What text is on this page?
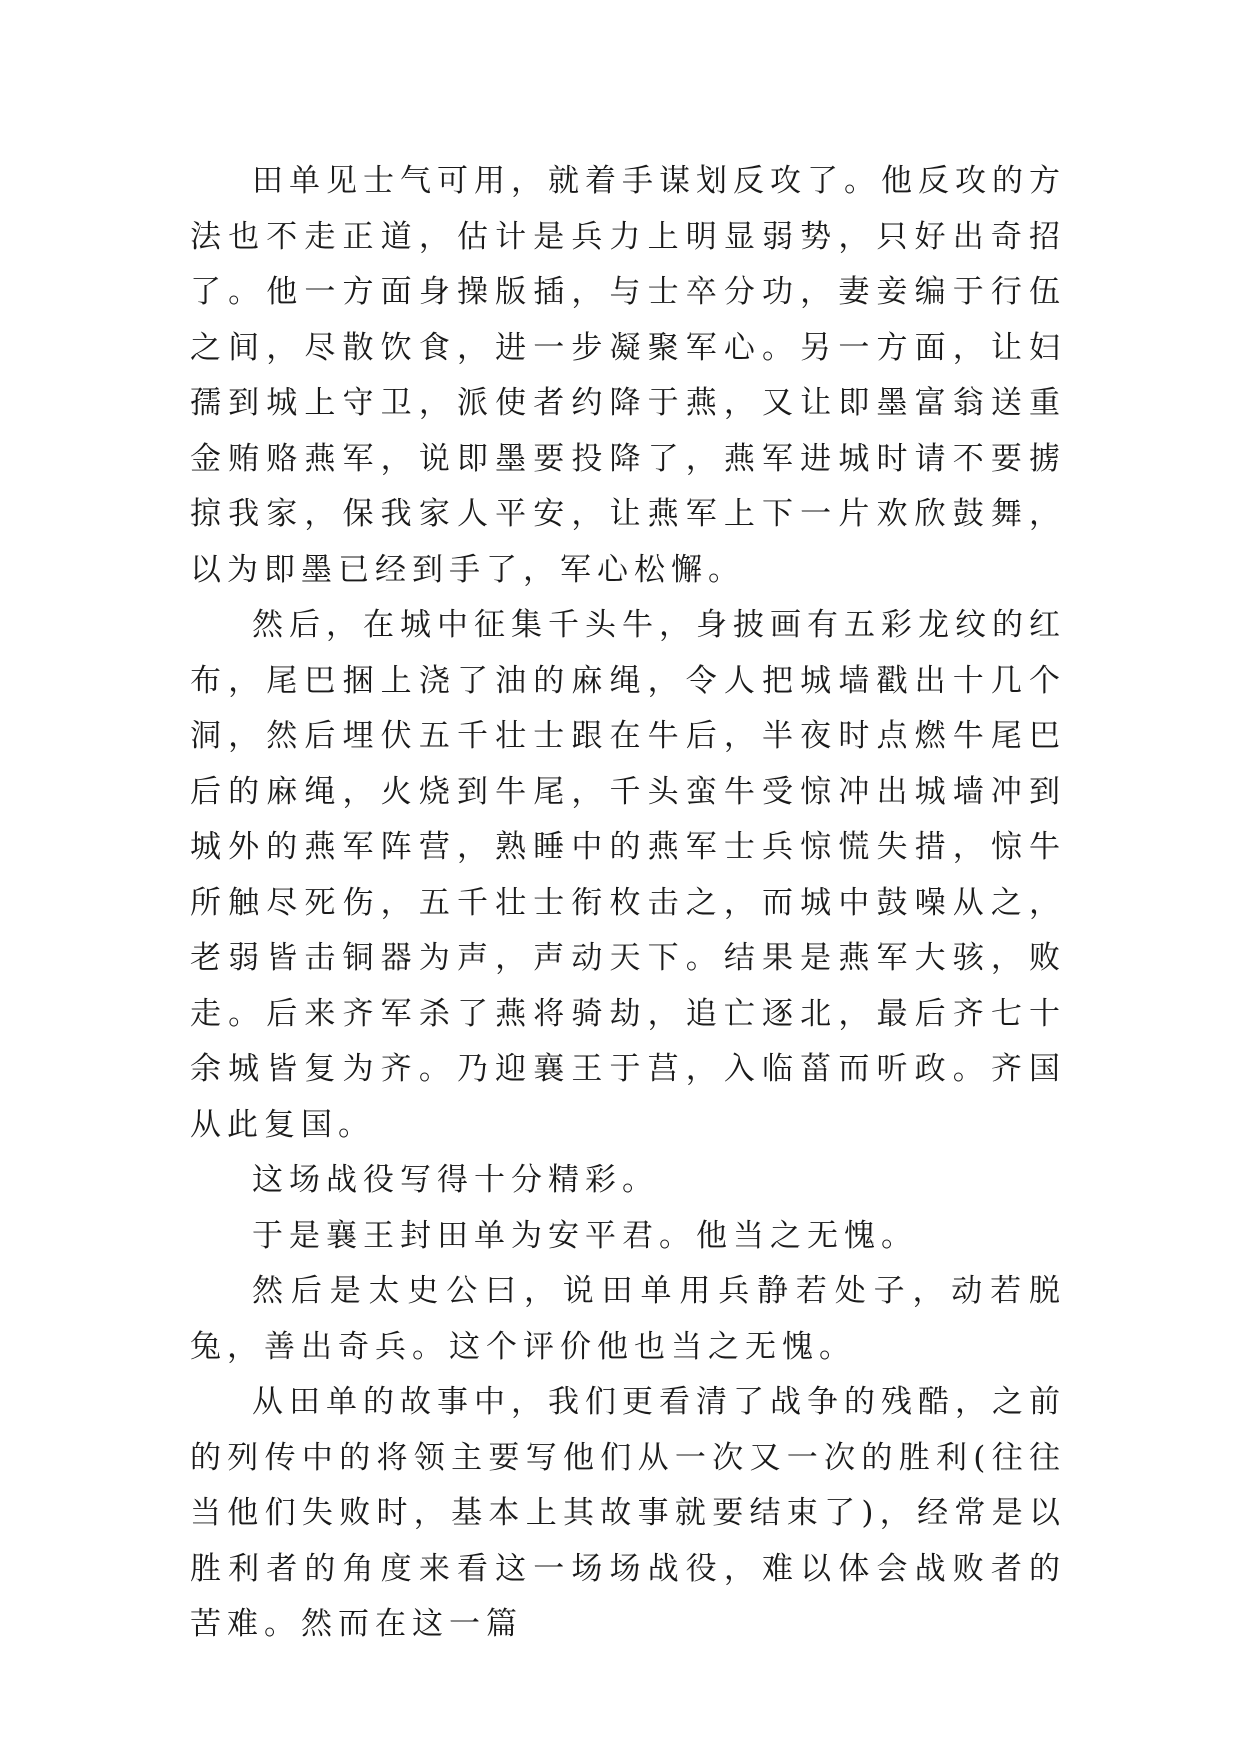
田单见士气可用，就着手谋划反攻了。他反攻的方法也不走正道，估计是兵力上明显弱势，只好出奇招了。他一方面身操版插，与士卒分功，妻妾编于行伍之间，尽散饮食，进一步凝聚军心。另一方面，让妇孺到城上守卫，派使者约降于燕，又让即墨富翁送重金贿赂燕军，说即墨要投降了，燕军进城时请不要掳掠我家，保我家人平安，让燕军上下一片欢欣鼓舞，以为即墨已经到手了，军心松懈。

然后，在城中征集千头牛，身披画有五彩龙纹的红布，尾巴捆上浇了油的麻绳，令人把城墙戳出十几个洞，然后埋伏五千壮士跟在牛后，半夜时点燃牛尾巴后的麻绳，火烧到牛尾，千头蛮牛受惊冲出城墙冲到城外的燕军阵营，熟睡中的燕军士兵惊慌失措，惊牛所触尽死伤，五千壮士衔枚击之，而城中鼓噪从之，老弱皆击铜器为声，声动天下。结果是燕军大骇，败走。后来齐军杀了燕将骑劫，追亡逐北，最后齐七十余城皆复为齐。乃迎襄王于莒，入临菑而听政。齐国从此复国。

这场战役写得十分精彩。

于是襄王封田单为安平君。他当之无愧。

然后是太史公曰，说田单用兵静若处子，动若脱兔，善出奇兵。这个评价他也当之无愧。

从田单的故事中，我们更看清了战争的残酷，之前的列传中的将领主要写他们从一次又一次的胜利(往往当他们失败时，基本上其故事就要结束了)，经常是以胜利者的角度来看这一场场战役，难以体会战败者的苦难。然而在这一篇
